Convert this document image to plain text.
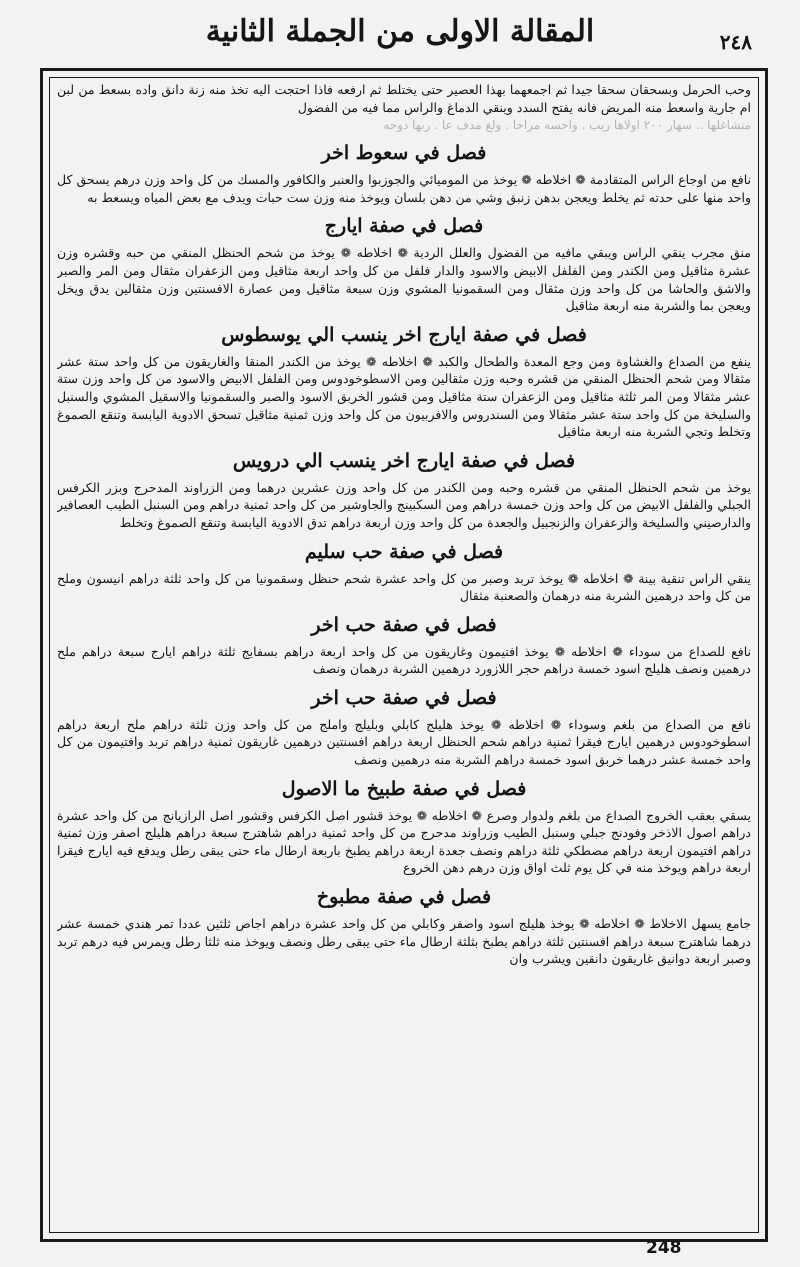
المقالة الاولى من الجملة الثانية	٢٤٨

وحب الحرمل وبسحقان سحقا جيدا ثم اجمعهما بهذا العصير حتى يختلط ثم ارفعه فاذا احتجت اليه تخذ منه زنة دانق واده بسعط من لبن ام جارية واسعط منه المريض فانه يفتح السدد وينقي الدماغ والراس مما فيه من الفضول

منشاغلها .. سهار ٢٠٠ اولاها ريب . واحسه مراحا . ولغ مدف عا . ربها دوحه
فصل في سعوط اخر

نافع من اوجاع الراس المتقادمة ❁ اخلاطه ❁ يوخذ من الموميائي والجوزبوا والعنبر والكافور والمسك من كل واحد وزن درهم يسحق كل واحد منها على حدته ثم يخلط ويعجن بدهن زنبق وشي من دهن بلسان ويوخذ منه وزن ست حبات ويدف مع بعض المياه ويسعط به

فصل في صفة ايارج

منق مجرب ينقي الراس ويبقي مافيه من الفضول والعلل الردية ❁ اخلاطه ❁ يوخذ من شحم الحنظل المنقي من حبه وقشره وزن عشرة مثاقيل ومن الكندر ومن الفلفل الابيض والاسود والدار فلفل من كل واحد اربعة مثاقيل ومن الزعفران مثقال ومن المر والصبر والاشق والحاشا من كل واحد وزن مثقال ومن السقمونيا المشوي وزن سبعة مثاقيل ومن عصارة الافسنتين وزن مثقالين يدق ويخل ويعجن بما والشربة منه اربعة مثاقيل

فصل في صفة ايارج اخر ينسب الي يوسطوس

ينفع من الصداع والغشاوة ومن وجع المعدة والطحال والكبد ❁ اخلاطه ❁ يوخذ من الكندر المنقا والغاريقون من كل واحد ستة عشر مثقالا ومن شحم الحنظل المنقي من قشره وحبه وزن مثقالين ومن الاسطوخودوس ومن الفلفل الابيض والاسود من كل واحد وزن ستة عشر مثقالا ومن المر ثلثة مثاقيل ومن الزعفران ستة مثاقيل ومن قشور الخربق الاسود والصبر والسقمونيا والاسقيل المشوي والسنبل والسليخة من كل واحد ستة عشر مثقالا ومن السندروس والافربيون من كل واحد وزن ثمنية مثاقيل تسحق الادوية اليابسة وتنقع الصموغ وتخلط وتجي الشربة منه اربعة مثاقيل

فصل في صفة ايارج اخر ينسب الي درويس

يوخذ من شحم الحنظل المنقي من قشره وحبه ومن الكندر من كل واحد وزن عشرين درهما ومن الزراوند المدحرج وبزر الكرفس الجبلي والفلفل الابيض من كل واحد وزن خمسة دراهم ومن السكبينج والجاوشير من كل واحد ثمنية دراهم ومن السنبل الطيب العصافير والدارصيني والسليخة والزعفران والزنجبيل والجعدة من كل واحد وزن اربعة دراهم تدق الادوية اليابسة وتنقع الصموغ وتخلط

فصل في صفة حب سليم

ينقي الراس تنقية بينة ❁ اخلاطه ❁ يوخذ تربد وصبر من كل واحد عشرة شحم حنظل وسقمونيا من كل واحد ثلثة دراهم انيسون وملح من كل واحد درهمين الشربة منه درهمان والصعنبة مثقال

فصل في صفة حب اخر

نافع للصداع من سوداء ❁ اخلاطه ❁ يوخذ افتيمون وغاريقون من كل واحد اربعة دراهم بسفايج ثلثة دراهم ايارج سبعة دراهم ملح درهمين ونصف هليلج اسود خمسة دراهم حجر اللازورد درهمين الشربة درهمان ونصف

فصل في صفة حب اخر

نافع من الصداع من بلغم وسوداء ❁ اخلاطه ❁ يوخذ هليلج كابلي وبليلج واملج من كل واحد وزن ثلثة دراهم ملح اربعة دراهم اسطوخودوس درهمين ايارج فيقرا ثمنية دراهم شحم الحنظل اربعة دراهم افسنتين درهمين غاريقون ثمنية دراهم تربد وافتيمون من كل واحد خمسة عشر درهما خربق اسود خمسة دراهم الشربة منه درهمين ونصف

فصل في صفة طبيخ ما الاصول

يسقي بعقب الخروج الصداع من بلغم ولدوار وصرع ❁ اخلاطه ❁ يوخذ قشور اصل الكرفس وقشور اصل الرازيانج من كل واحد عشرة دراهم اصول الاذخر وفودنج جبلي وسنبل الطيب وزراوند مدحرج من كل واحد ثمنية دراهم شاهترج سبعة دراهم هليلج اصفر وزن ثمنية دراهم افتيمون اربعة دراهم مصطكي ثلثة دراهم ونصف جعدة اربعة دراهم يطبخ باربعة ارطال ماء حتى يبقى رطل ويدفع فيه ايارج فيقرا اربعة دراهم ويوخذ منه في كل يوم ثلث اواق وزن درهم دهن الخروع

فصل في صفة مطبوخ

جامع يسهل الاخلاط ❁ اخلاطه ❁ يوخذ هليلج اسود واصفر وكابلي من كل واحد عشرة دراهم اجاص ثلثين عددا تمر هندي خمسة عشر درهما شاهترج سبعة دراهم افسنتين ثلثة دراهم يطبخ بثلثة ارطال ماء حتى يبقى رطل ونصف ويوخذ منه ثلثا رطل ويمرس فيه درهم تربد وصبر اربعة دوانيق غاريقون دانقين ويشرب وان

248
